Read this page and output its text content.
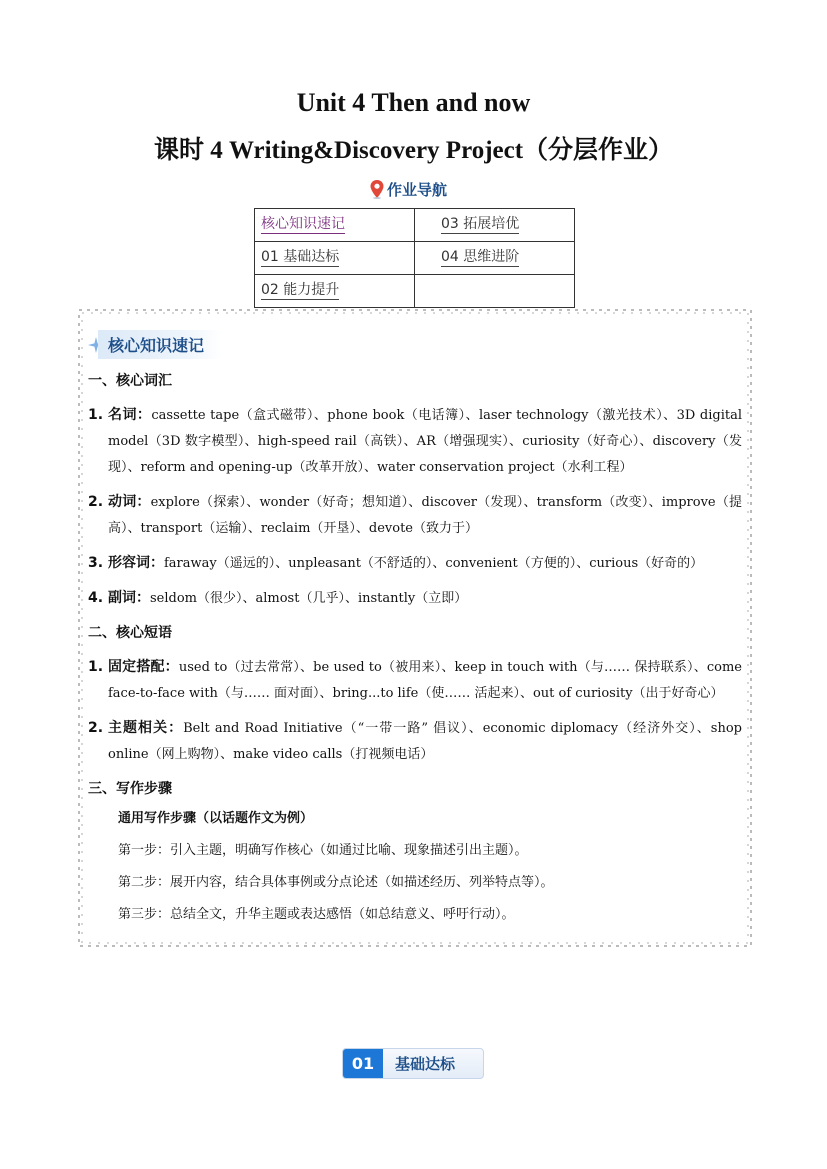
Unit 4 Then and now
课时 4 Writing&Discovery Project（分层作业）
作业导航
核心知识速记	03 拓展培优
01 基础达标	04 思维进阶
02 能力提升	
核心知识速记
一、核心词汇
1. 名词：cassette tape（盒式磁带）、phone book（电话簿）、laser technology（激光技术）、3D digital model（3D 数字模型）、high-speed rail（高铁）、AR（增强现实）、curiosity（好奇心）、discovery（发现）、reform and opening-up（改革开放）、water conservation project（水利工程）
2. 动词：explore（探索）、wonder（好奇；想知道）、discover（发现）、transform（改变）、improve（提高）、transport（运输）、reclaim（开垦）、devote（致力于）
3. 形容词：faraway（遥远的）、unpleasant（不舒适的）、convenient（方便的）、curious（好奇的）
4. 副词：seldom（很少）、almost（几乎）、instantly（立即）
二、核心短语
1. 固定搭配：used to（过去常常）、be used to（被用来）、keep in touch with（与…… 保持联系）、come face-to-face with（与…… 面对面）、bring...to life（使…… 活起来）、out of curiosity（出于好奇心）
2. 主题相关：Belt and Road Initiative（“一带一路” 倡议）、economic diplomacy（经济外交）、shop online（网上购物）、make video calls（打视频电话）
三、写作步骤
通用写作步骤（以话题作文为例）
第一步：引入主题，明确写作核心（如通过比喻、现象描述引出主题）。
第二步：展开内容，结合具体事例或分点论述（如描述经历、列举特点等）。
第三步：总结全文，升华主题或表达感悟（如总结意义、呼吁行动）。
01	基础达标
